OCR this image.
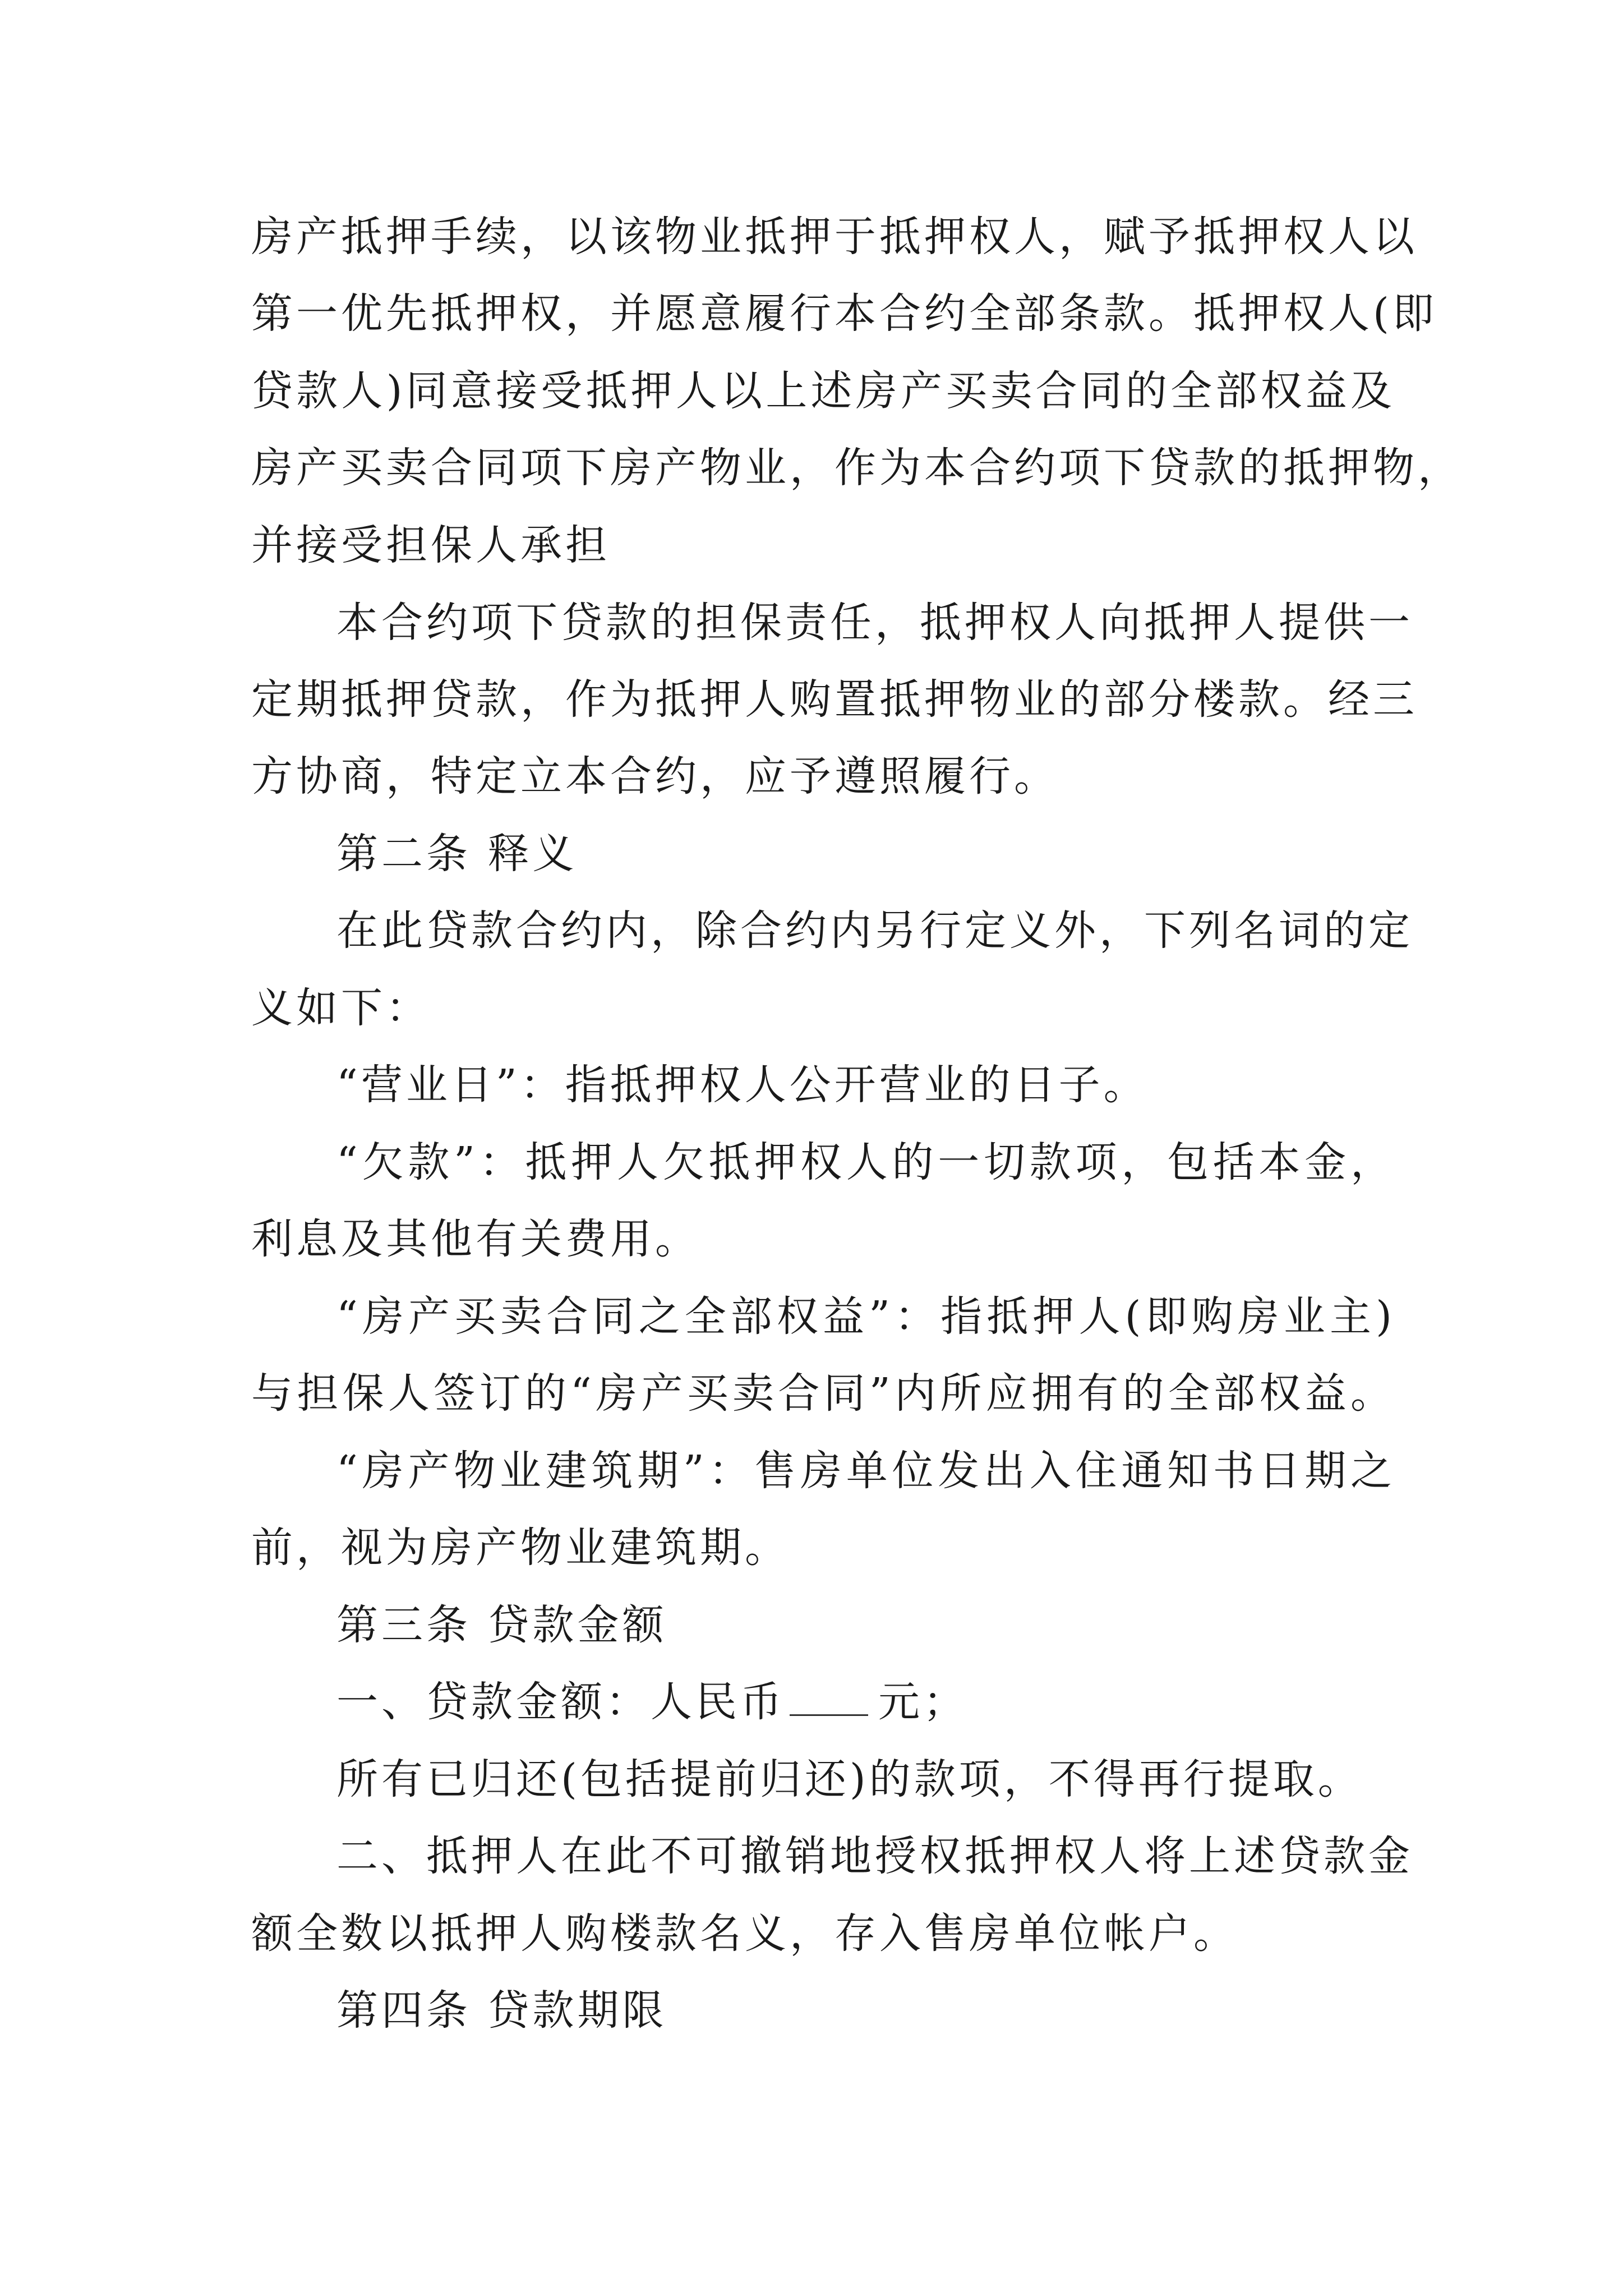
房产抵押手续，以该物业抵押于抵押权人，赋予抵押权人以
第一优先抵押权，并愿意履行本合约全部条款。抵押权人(即
贷款人)同意接受抵押人以上述房产买卖合同的全部权益及
房产买卖合同项下房产物业，作为本合约项下贷款的抵押物，
并接受担保人承担
本合约项下贷款的担保责任，抵押权人向抵押人提供一
定期抵押贷款，作为抵押人购置抵押物业的部分楼款。经三
方协商，特定立本合约，应予遵照履行。
第二条 释义
在此贷款合约内，除合约内另行定义外，下列名词的定
义如下：
“营业日”：指抵押权人公开营业的日子。
“欠款”：抵押人欠抵押权人的一切款项，包括本金，
利息及其他有关费用。
“房产买卖合同之全部权益”：指抵押人(即购房业主)
与担保人签订的“房产买卖合同”内所应拥有的全部权益。
“房产物业建筑期”：售房单位发出入住通知书日期之
前，视为房产物业建筑期。
第三条 贷款金额
一、贷款金额：人民币 元；
所有已归还(包括提前归还)的款项，不得再行提取。
二、抵押人在此不可撤销地授权抵押权人将上述贷款金
额全数以抵押人购楼款名义，存入售房单位帐户。
第四条 贷款期限
